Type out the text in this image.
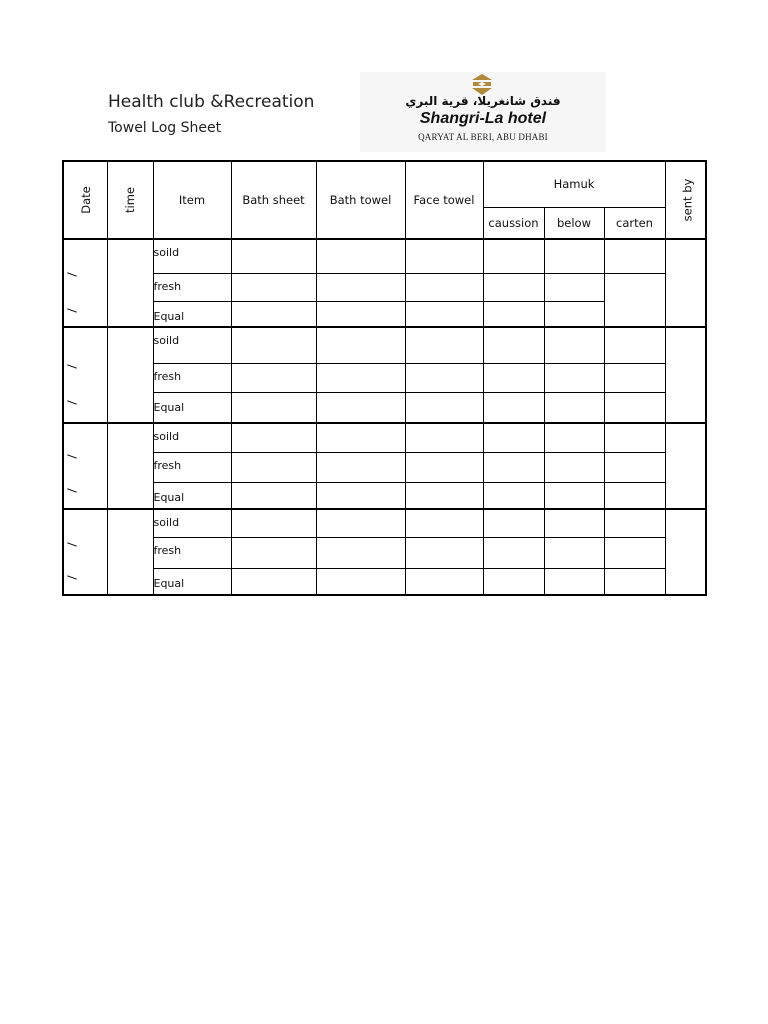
Health club &Recreation
Towel Log Sheet
فندق شانغريلا، قرية البري
Shangri-La hotel
QARYAT AL BERI, ABU DHABI
Date	time	Item	Bath sheet	Bath towel	Face towel	Hamuk			sent by
						caussion	below	carten	

		soild							

		fresh							

		Equal							

		soild							

		fresh							

		Equal							

		soild							

		fresh							

		Equal							

		soild							

		fresh							

		Equal							
